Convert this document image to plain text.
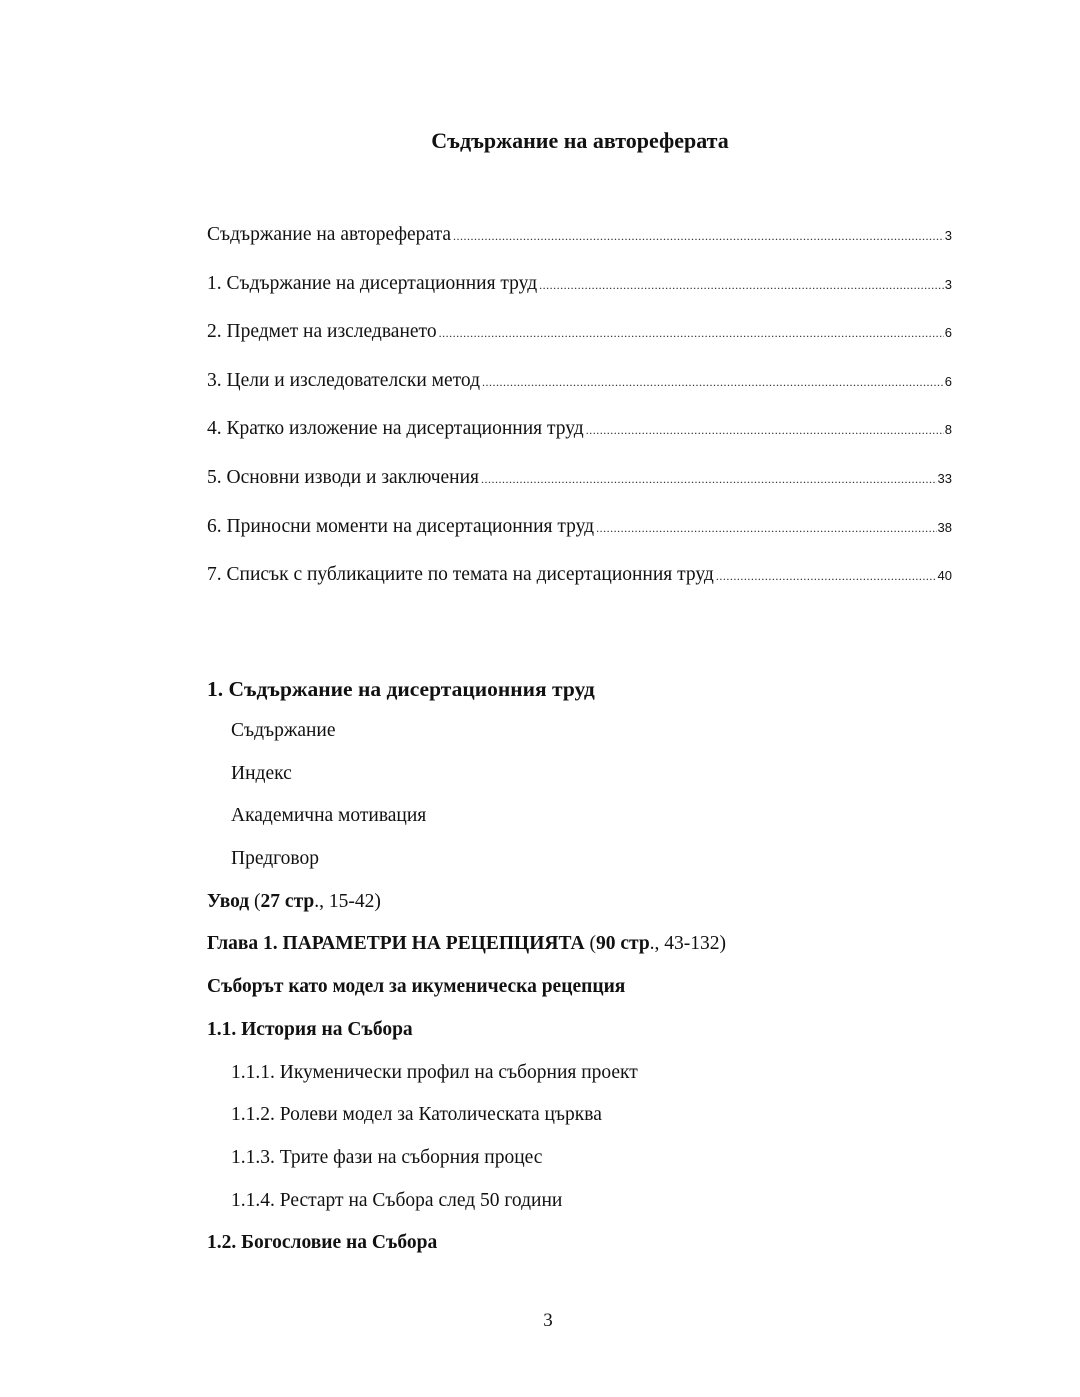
Съдържание на автореферата
Съдържание на автореферата .....	3
1. Съдържание на дисертационния труд .....	3
2. Предмет на изследването .....	6
3. Цели и изследователски метод .....	6
4. Кратко изложение на дисертационния труд .....	8
5. Основни изводи и заключения .....	33
6. Приносни моменти на дисертационния труд .....	38
7. Списък с публикациите по темата на дисертационния труд .....	40
1. Съдържание на дисертационния труд
Съдържание
Индекс
Академична мотивация
Предговор
Увод (27 стр., 15-42)
Глава 1. ПАРАМЕТРИ НА РЕЦЕПЦИЯТА (90 стр., 43-132)
Съборът като модел за икуменическа рецепция
1.1. История на Събора
1.1.1. Икуменически профил на съборния проект
1.1.2. Ролеви модел за Католическата църква
1.1.3. Трите фази на съборния процес
1.1.4. Рестарт на Събора след 50 години
1.2. Богословие на Събора
3
